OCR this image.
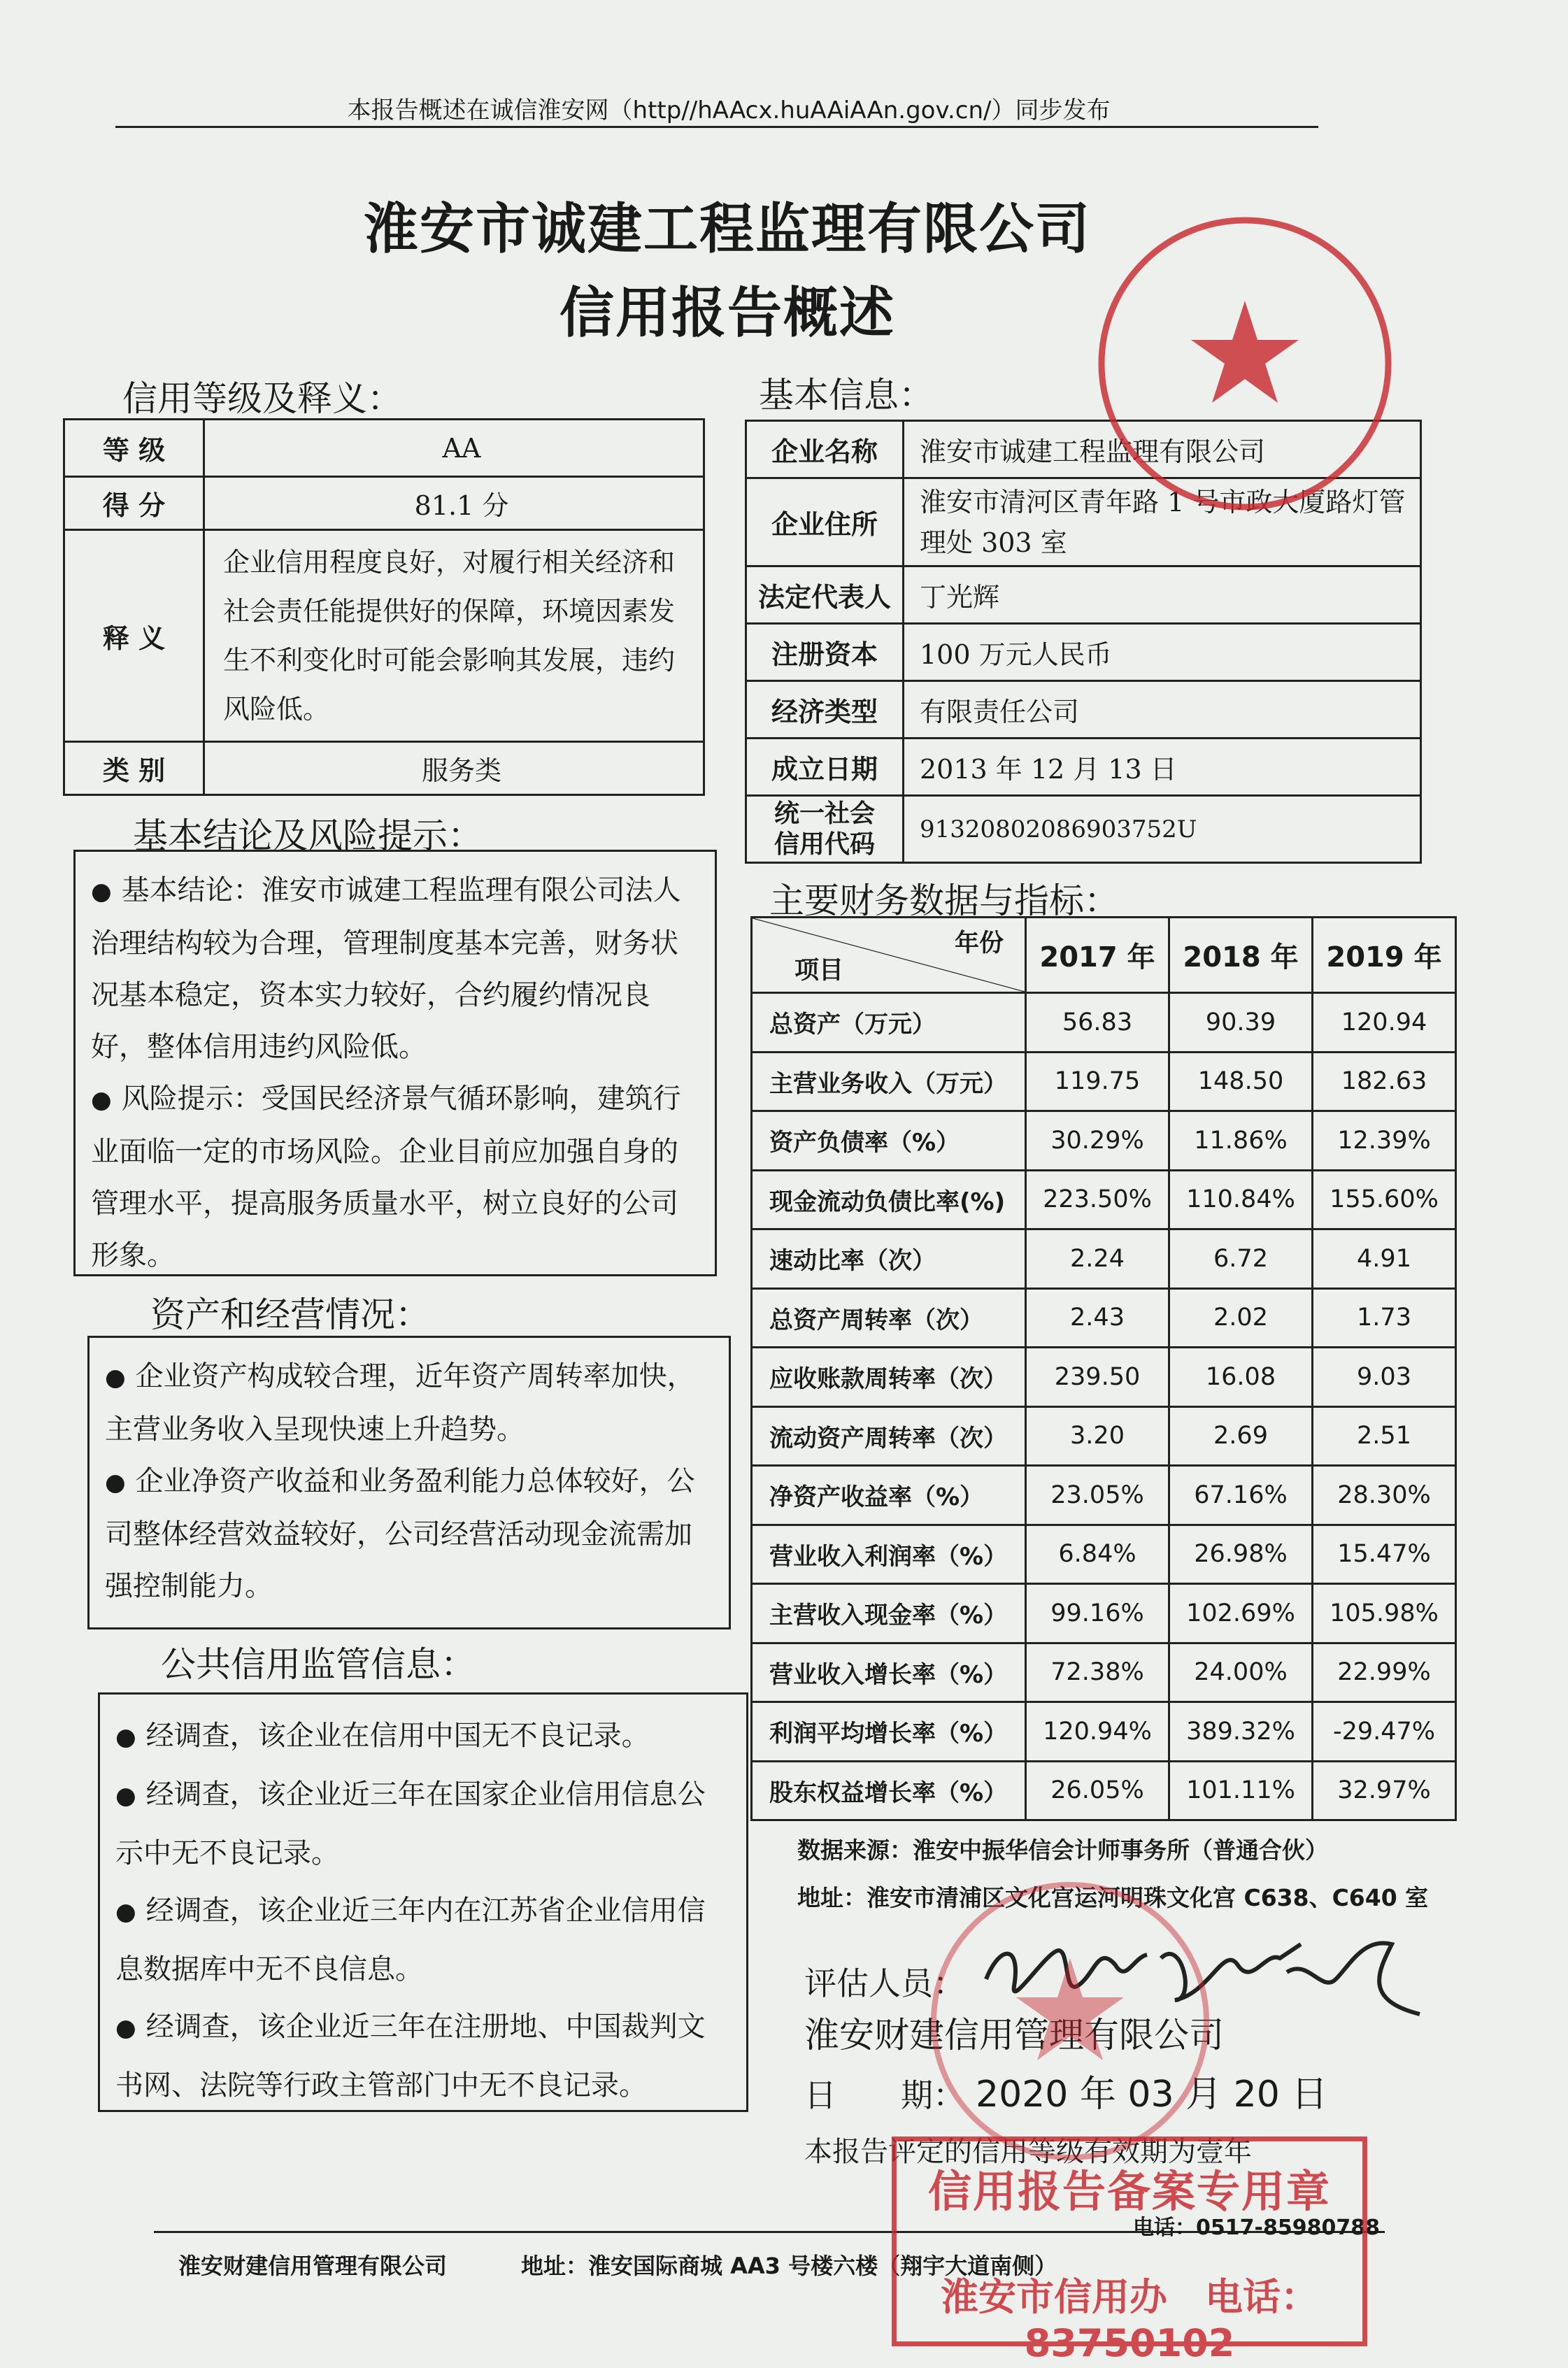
本报告概述在诚信淮安网（http//hAAcx.huAAiAAn.gov.cn/）同步发布
淮安市诚建工程监理有限公司
信用报告概述
信用等级及释义：
等 级	AA
得 分	81.1 分
释 义	企业信用程度良好，对履行相关经济和社会责任能提供好的保障，环境因素发生不利变化时可能会影响其发展，违约风险低。
类 别	服务类
基本结论及风险提示：

● 基本结论：淮安市诚建工程监理有限公司法人治理结构较为合理，管理制度基本完善，财务状况基本稳定，资本实力较好，合约履约情况良好，整体信用违约风险低。

● 风险提示：受国民经济景气循环影响，建筑行业面临一定的市场风险。企业目前应加强自身的管理水平，提高服务质量水平，树立良好的公司形象。

资产和经营情况：

● 企业资产构成较合理，近年资产周转率加快，主营业务收入呈现快速上升趋势。

● 企业净资产收益和业务盈利能力总体较好，公司整体经营效益较好，公司经营活动现金流需加强控制能力。

公共信用监管信息：

● 经调查，该企业在信用中国无不良记录。

● 经调查，该企业近三年在国家企业信用信息公示中无不良记录。

● 经调查，该企业近三年内在江苏省企业信用信息数据库中无不良信息。

● 经调查，该企业近三年在注册地、中国裁判文书网、法院等行政主管部门中无不良记录。

基本信息：
企业名称	淮安市诚建工程监理有限公司
企业住所	淮安市清河区青年路 1 号市政大厦路灯管理处 303 室
法定代表人	丁光辉
注册资本	100 万元人民币
经济类型	有限责任公司
成立日期	2013 年 12 月 13 日
统一社会信用代码	91320802086903752U
主要财务数据与指标：
年份
项目	2017 年	2018 年	2019 年
总资产（万元）	56.83	90.39	120.94
主营业务收入（万元）	119.75	148.50	182.63
资产负债率（%）	30.29%	11.86%	12.39%
现金流动负债比率(%)	223.50%	110.84%	155.60%
速动比率（次）	2.24	6.72	4.91
总资产周转率（次）	2.43	2.02	1.73
应收账款周转率（次）	239.50	16.08	9.03
流动资产周转率（次）	3.20	2.69	2.51
净资产收益率（%）	23.05%	67.16%	28.30%
营业收入利润率（%）	6.84%	26.98%	15.47%
主营收入现金率（%）	99.16%	102.69%	105.98%
营业收入增长率（%）	72.38%	24.00%	22.99%
利润平均增长率（%）	120.94%	389.32%	-29.47%
股东权益增长率（%）	26.05%	101.11%	32.97%
数据来源：淮安中振华信会计师事务所（普通合伙）
地址：淮安市清浦区文化宫运河明珠文化宫 C638、C640 室
评估人员：
淮安财建信用管理有限公司
日　　期： 2020 年 03 月 20 日
本报告评定的信用等级有效期为壹年
淮安财建信用管理有限公司	地址：淮安国际商城 AA3 号楼六楼（翔宇大道南侧）
电话：0517-85980788
信用报告备案专用章
淮安市信用办　电话：83750102
